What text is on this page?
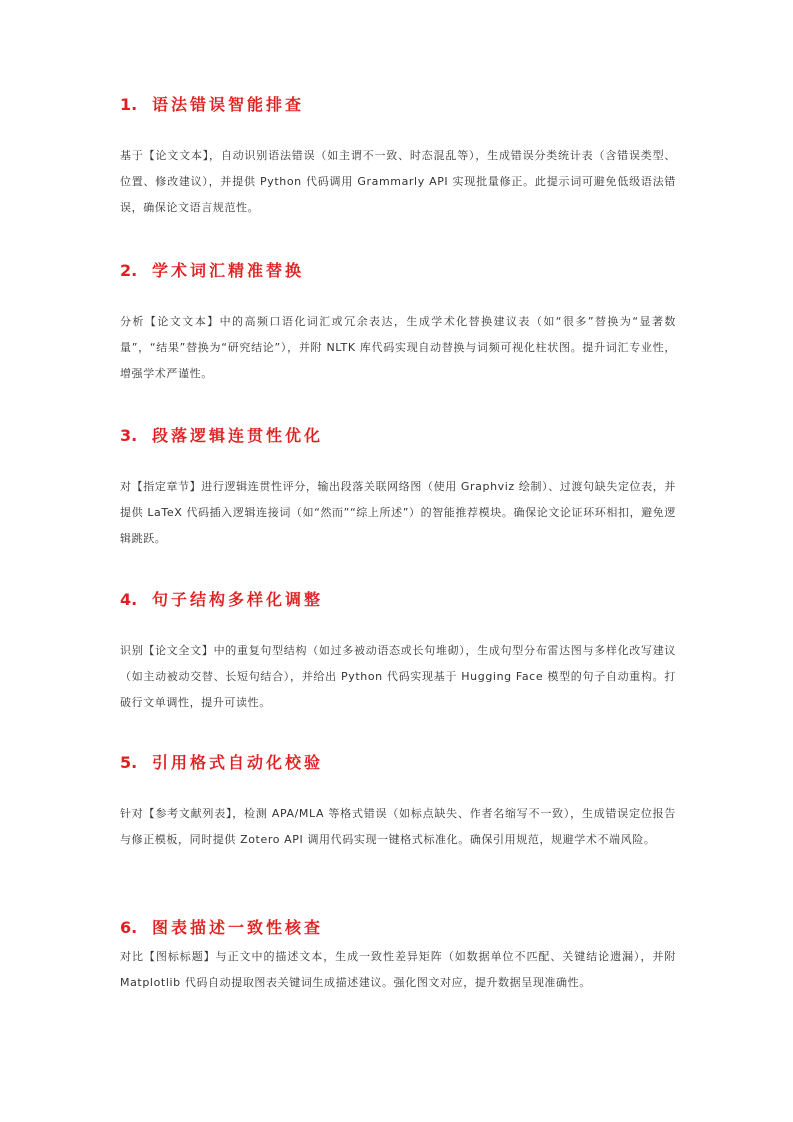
1. 语法错误智能排查

基于【论文文本】，自动识别语法错误（如主谓不一致、时态混乱等），生成错误分类统计表（含错误类型、位置、修改建议），并提供 Python 代码调用 Grammarly API 实现批量修正。此提示词可避免低级语法错误，确保论文语言规范性。

2. 学术词汇精准替换

分析【论文文本】中的高频口语化词汇或冗余表达，生成学术化替换建议表（如“很多”替换为“显著数量”，“结果”替换为“研究结论”），并附 NLTK 库代码实现自动替换与词频可视化柱状图。提升词汇专业性，增强学术严谨性。

3. 段落逻辑连贯性优化

对【指定章节】进行逻辑连贯性评分，输出段落关联网络图（使用 Graphviz 绘制）、过渡句缺失定位表，并提供 LaTeX 代码插入逻辑连接词（如“然而”“综上所述”）的智能推荐模块。确保论文论证环环相扣，避免逻辑跳跃。

4. 句子结构多样化调整

识别【论文全文】中的重复句型结构（如过多被动语态或长句堆砌），生成句型分布雷达图与多样化改写建议（如主动被动交替、长短句结合），并给出 Python 代码实现基于 Hugging Face 模型的句子自动重构。打破行文单调性，提升可读性。

5. 引用格式自动化校验

针对【参考文献列表】，检测 APA/MLA 等格式错误（如标点缺失、作者名缩写不一致），生成错误定位报告与修正模板，同时提供 Zotero API 调用代码实现一键格式标准化。确保引用规范，规避学术不端风险。

6. 图表描述一致性核查

对比【图标标题】与正文中的描述文本，生成一致性差异矩阵（如数据单位不匹配、关键结论遗漏），并附 Matplotlib 代码自动提取图表关键词生成描述建议。强化图文对应，提升数据呈现准确性。
